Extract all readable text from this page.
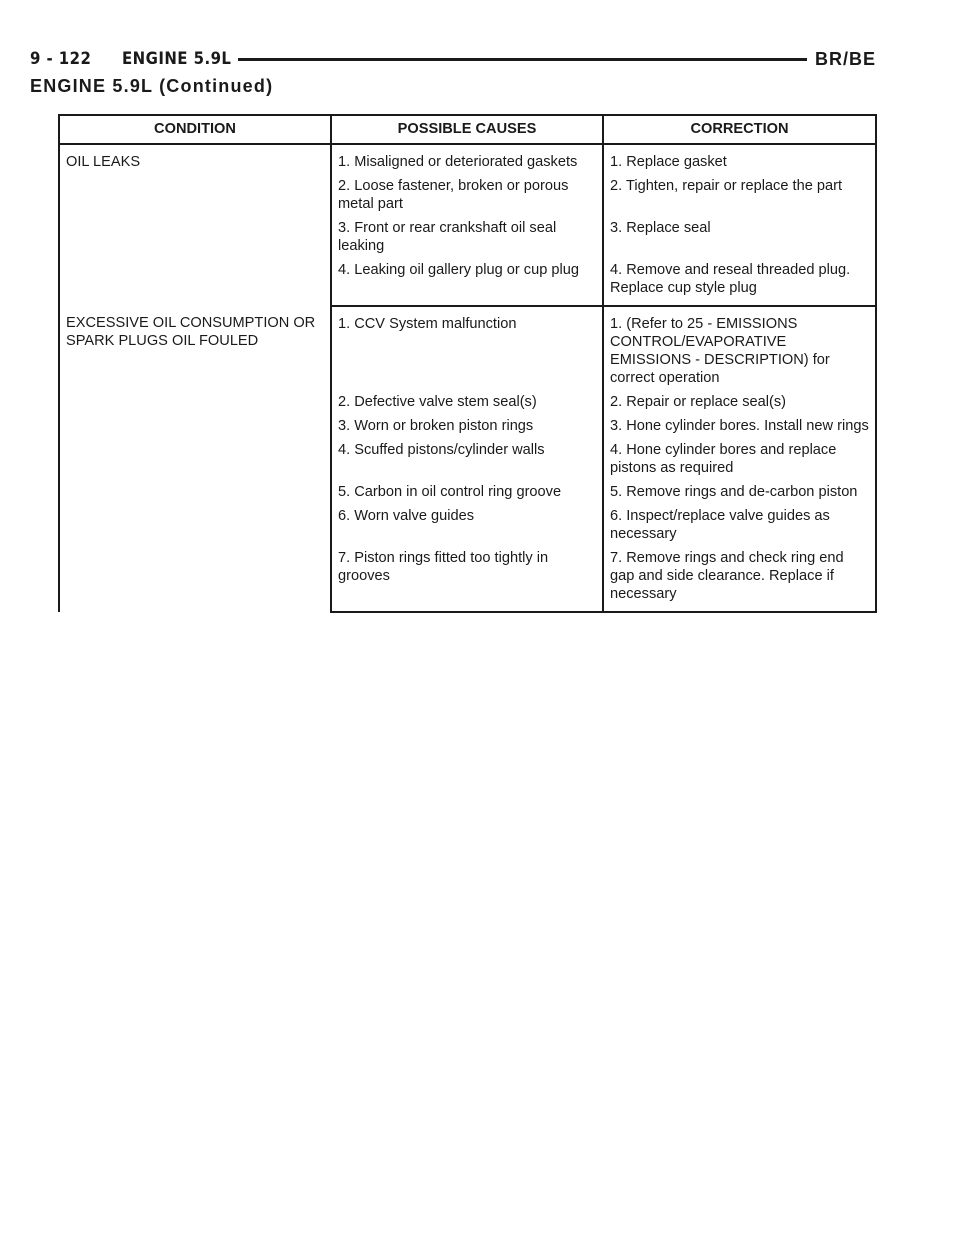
9 - 122	ENGINE 5.9L	BR/BE
ENGINE 5.9L (Continued)
CONDITION	POSSIBLE CAUSES	CORRECTION
OIL LEAKS	1. Misaligned or deteriorated gaskets	1. Replace gasket
	2. Loose fastener, broken or porous metal part	2. Tighten, repair or replace the part
	3. Front or rear crankshaft oil seal leaking	3. Replace seal
	4. Leaking oil gallery plug or cup plug	4. Remove and reseal threaded plug. Replace cup style plug
EXCESSIVE OIL CONSUMPTION OR SPARK PLUGS OIL FOULED	1. CCV System malfunction	1. (Refer to 25 - EMISSIONS CONTROL/EVAPORATIVE EMISSIONS - DESCRIPTION) for correct operation
	2. Defective valve stem seal(s)	2. Repair or replace seal(s)
	3. Worn or broken piston rings	3. Hone cylinder bores. Install new rings
	4. Scuffed pistons/cylinder walls	4. Hone cylinder bores and replace pistons as required
	5. Carbon in oil control ring groove	5. Remove rings and de-carbon piston
	6. Worn valve guides	6. Inspect/replace valve guides as necessary
	7. Piston rings fitted too tightly in grooves	7. Remove rings and check ring end gap and side clearance. Replace if necessary
